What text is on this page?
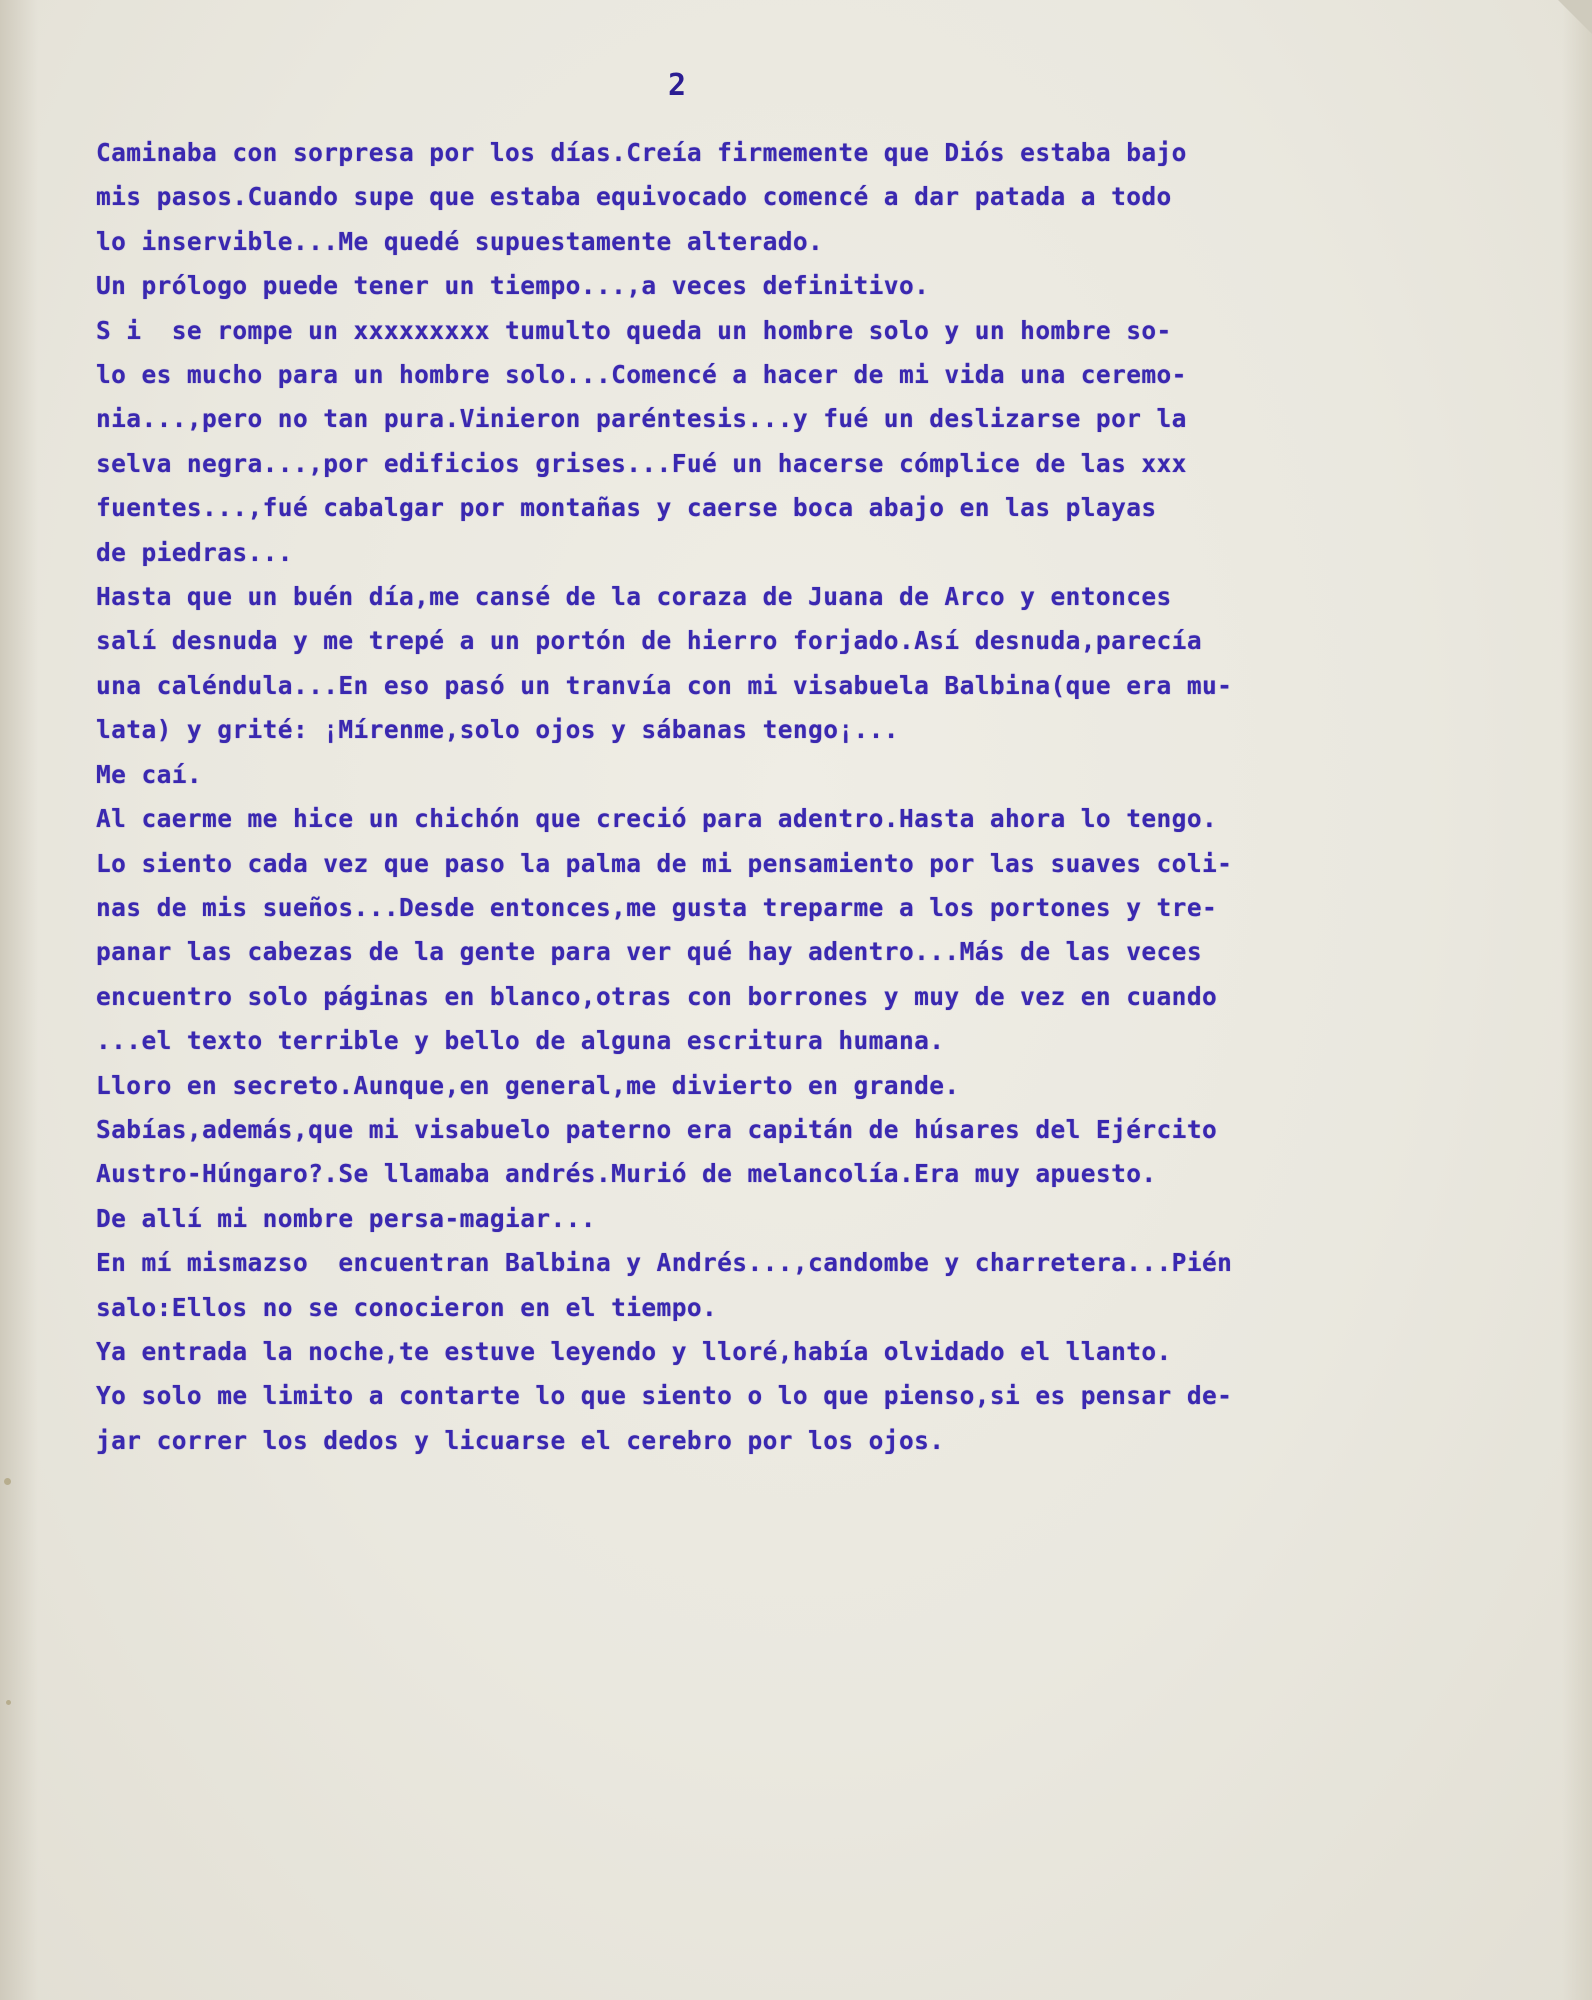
2
Caminaba con sorpresa por los días.Creía firmemente que Diós estaba bajo
mis pasos.Cuando supe que estaba equivocado comencé a dar patada a todo
lo inservible...Me quedé supuestamente alterado.
Un prólogo puede tener un tiempo...,a veces definitivo.
S i  se rompe un xxxxxxxxx tumulto queda un hombre solo y un hombre so-
lo es mucho para un hombre solo...Comencé a hacer de mi vida una ceremo-
nia...,pero no tan pura.Vinieron paréntesis...y fué un deslizarse por la
selva negra...,por edificios grises...Fué un hacerse cómplice de las xxx
fuentes...,fué cabalgar por montañas y caerse boca abajo en las playas
de piedras...
Hasta que un buén día,me cansé de la coraza de Juana de Arco y entonces
salí desnuda y me trepé a un portón de hierro forjado.Así desnuda,parecía
una caléndula...En eso pasó un tranvía con mi visabuela Balbina(que era mu-
lata) y grité: ¡Mírenme,solo ojos y sábanas tengo¡...
Me caí.
Al caerme me hice un chichón que creció para adentro.Hasta ahora lo tengo.
Lo siento cada vez que paso la palma de mi pensamiento por las suaves coli-
nas de mis sueños...Desde entonces,me gusta treparme a los portones y tre-
panar las cabezas de la gente para ver qué hay adentro...Más de las veces
encuentro solo páginas en blanco,otras con borrones y muy de vez en cuando
...el texto terrible y bello de alguna escritura humana.
Lloro en secreto.Aunque,en general,me divierto en grande.
Sabías,además,que mi visabuelo paterno era capitán de húsares del Ejército
Austro-Húngaro?.Se llamaba andrés.Murió de melancolía.Era muy apuesto.
De allí mi nombre persa-magiar...
En mí mismazso  encuentran Balbina y Andrés...,candombe y charretera...Pién
salo:Ellos no se conocieron en el tiempo.
Ya entrada la noche,te estuve leyendo y lloré,había olvidado el llanto.
Yo solo me limito a contarte lo que siento o lo que pienso,si es pensar de-
jar correr los dedos y licuarse el cerebro por los ojos.
